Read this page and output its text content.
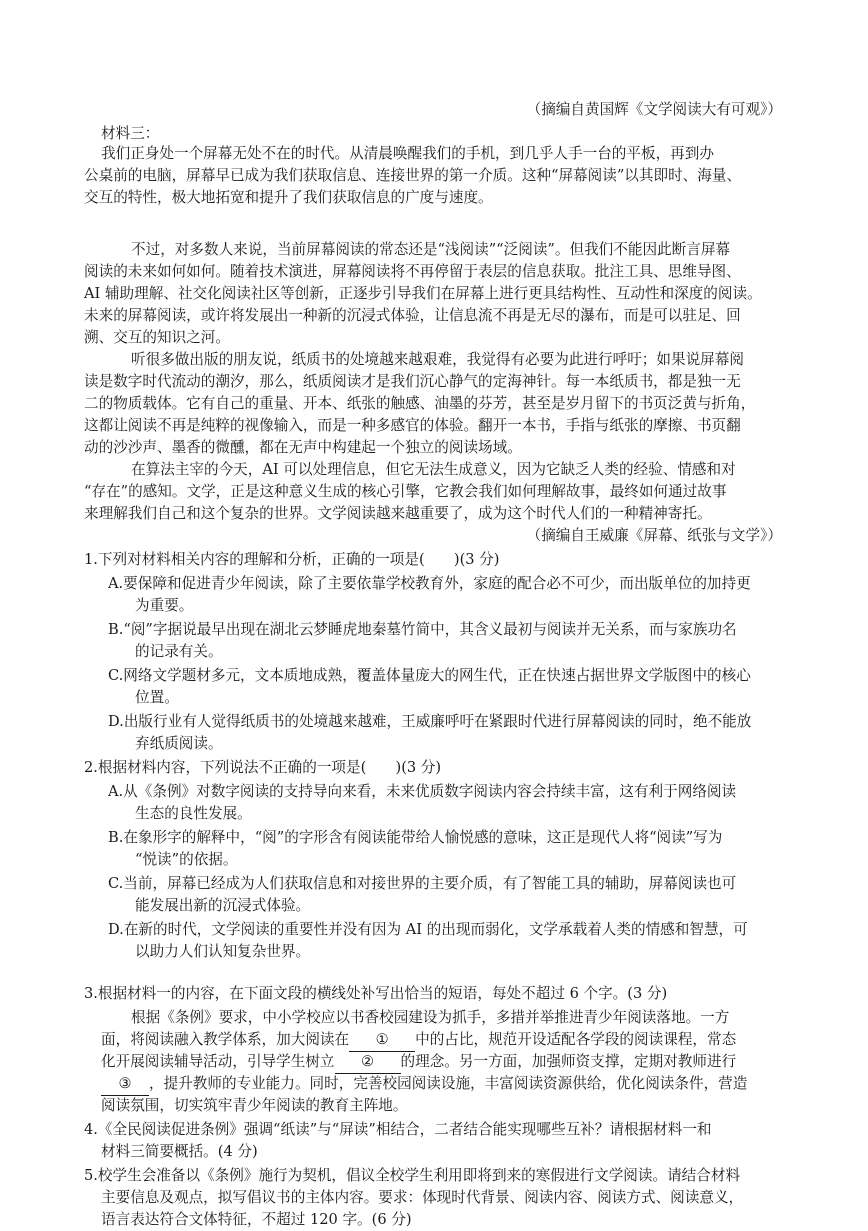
（摘编自黄国辉《文学阅读大有可观》）
材料三：
我们正身处一个屏幕无处不在的时代。从清晨唤醒我们的手机，到几乎人手一台的平板，再到办
公桌前的电脑，屏幕早已成为我们获取信息、连接世界的第一介质。这种“屏幕阅读”以其即时、海量、
交互的特性，极大地拓宽和提升了我们获取信息的广度与速度。
不过，对多数人来说，当前屏幕阅读的常态还是“浅阅读”“泛阅读”。但我们不能因此断言屏幕
阅读的未来如何如何。随着技术演进，屏幕阅读将不再停留于表层的信息获取。批注工具、思维导图、
AI 辅助理解、社交化阅读社区等创新，正逐步引导我们在屏幕上进行更具结构性、互动性和深度的阅读。
未来的屏幕阅读，或许将发展出一种新的沉浸式体验，让信息流不再是无尽的瀑布，而是可以驻足、回
溯、交互的知识之河。
听很多做出版的朋友说，纸质书的处境越来越艰难，我觉得有必要为此进行呼吁；如果说屏幕阅
读是数字时代流动的潮汐，那么，纸质阅读才是我们沉心静气的定海神针。每一本纸质书，都是独一无
二的物质载体。它有自己的重量、开本、纸张的触感、油墨的芬芳，甚至是岁月留下的书页泛黄与折角，
这都让阅读不再是纯粹的视像输入，而是一种多感官的体验。翻开一本书，手指与纸张的摩擦、书页翻
动的沙沙声、墨香的微醺，都在无声中构建起一个独立的阅读场域。
在算法主宰的今天，AI 可以处理信息，但它无法生成意义，因为它缺乏人类的经验、情感和对
“存在”的感知。文学，正是这种意义生成的核心引擎，它教会我们如何理解故事，最终如何通过故事
来理解我们自己和这个复杂的世界。文学阅读越来越重要了，成为这个时代人们的一种精神寄托。
（摘编自王威廉《屏幕、纸张与文学》）
1.下列对材料相关内容的理解和分析，正确的一项是(　　)(3 分)
A.要保障和促进青少年阅读，除了主要依靠学校教育外，家庭的配合必不可少，而出版单位的加持更
为重要。
B.“阅”字据说最早出现在湖北云梦睡虎地秦墓竹简中，其含义最初与阅读并无关系，而与家族功名
的记录有关。
C.网络文学题材多元，文本质地成熟，覆盖体量庞大的网生代，正在快速占据世界文学版图中的核心
位置。
D.出版行业有人觉得纸质书的处境越来越难，王威廉呼吁在紧跟时代进行屏幕阅读的同时，绝不能放
弃纸质阅读。
2.根据材料内容，下列说法不正确的一项是(　　)(3 分)
A.从《条例》对数字阅读的支持导向来看，未来优质数字阅读内容会持续丰富，这有利于网络阅读
生态的良性发展。
B.在象形字的解释中，“阅”的字形含有阅读能带给人愉悦感的意味，这正是现代人将“阅读”写为
“悦读”的依据。
C.当前，屏幕已经成为人们获取信息和对接世界的主要介质，有了智能工具的辅助，屏幕阅读也可
能发展出新的沉浸式体验。
D.在新的时代，文学阅读的重要性并没有因为 AI 的出现而弱化，文学承载着人类的情感和智慧，可
以助力人们认知复杂世界。
3.根据材料一的内容，在下面文段的横线处补写出恰当的短语，每处不超过 6 个字。(3 分)
根据《条例》要求，中小学校应以书香校园建设为抓手，多措并举推进青少年阅读落地。一方
面，将阅读融入教学体系，加大阅读在 ① 中的占比，规范开设适配各学段的阅读课程，常态
化开展阅读辅导活动，引导学生树立 ② 的理念。另一方面，加强师资支撑，定期对教师进行
③ ，提升教师的专业能力。同时，完善校园阅读设施，丰富阅读资源供给，优化阅读条件，营造
阅读氛围，切实筑牢青少年阅读的教育主阵地。
4.《全民阅读促进条例》强调“纸读”与“屏读”相结合，二者结合能实现哪些互补？请根据材料一和
材料三简要概括。(4 分)
5.校学生会准备以《条例》施行为契机，倡议全校学生利用即将到来的寒假进行文学阅读。请结合材料
主要信息及观点，拟写倡议书的主体内容。要求：体现时代背景、阅读内容、阅读方式、阅读意义，
语言表达符合文体特征，不超过 120 字。(6 分)
